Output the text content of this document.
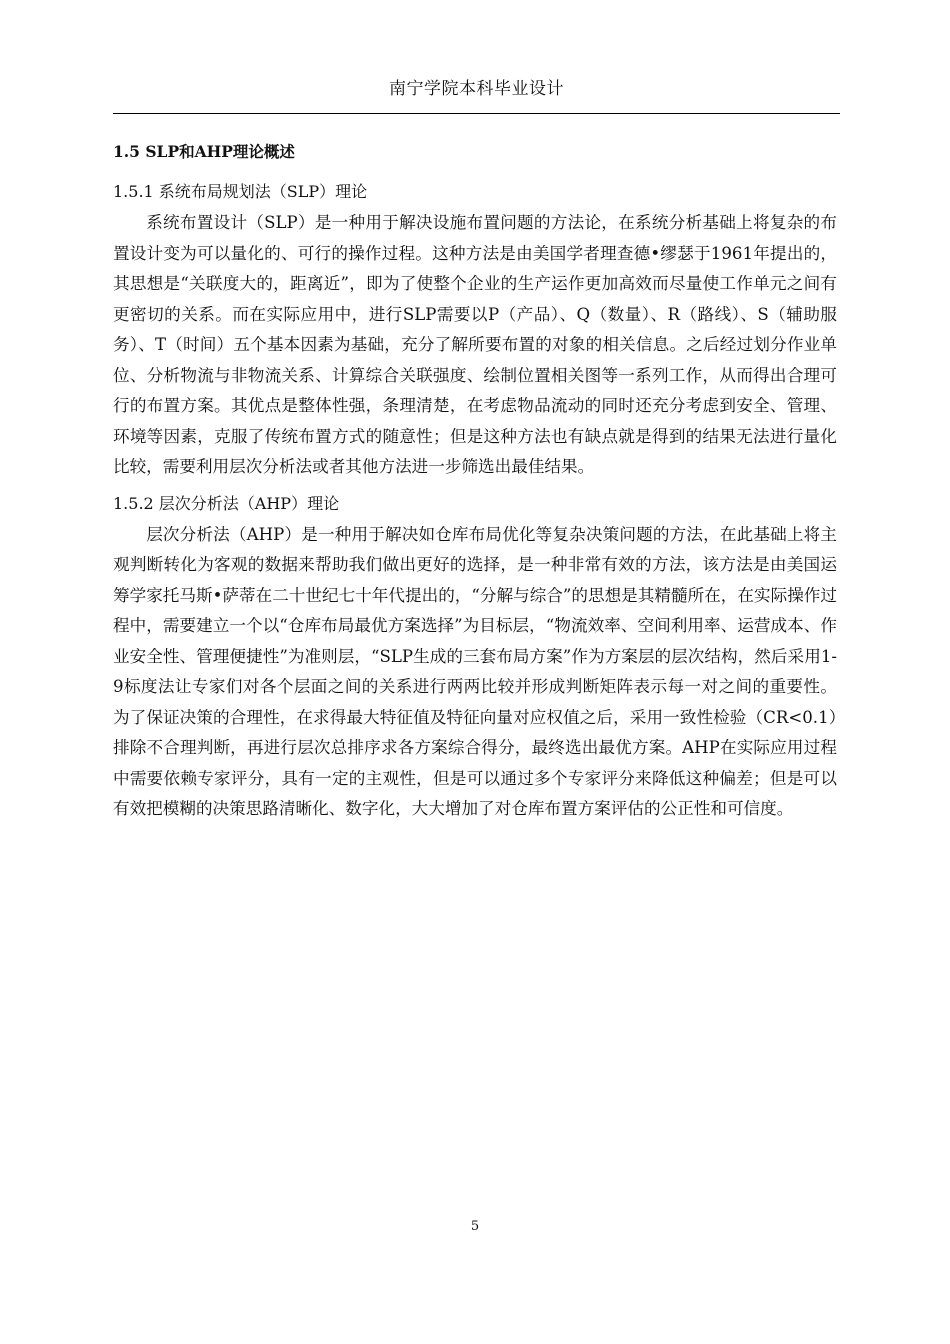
南宁学院本科毕业设计
1.5 SLP和AHP理论概述
1.5.1 系统布局规划法（SLP）理论

系统布置设计（SLP）是一种用于解决设施布置问题的方法论，在系统分析基础上将复杂的布置设计变为可以量化的、可行的操作过程。这种方法是由美国学者理查德•缪瑟于1961年提出的，其思想是“关联度大的，距离近”，即为了使整个企业的生产运作更加高效而尽量使工作单元之间有更密切的关系。而在实际应用中，进行SLP需要以P（产品）、Q（数量）、R（路线）、S（辅助服务）、T（时间）五个基本因素为基础，充分了解所要布置的对象的相关信息。之后经过划分作业单位、分析物流与非物流关系、计算综合关联强度、绘制位置相关图等一系列工作，从而得出合理可行的布置方案。其优点是整体性强，条理清楚，在考虑物品流动的同时还充分考虑到安全、管理、环境等因素，克服了传统布置方式的随意性；但是这种方法也有缺点就是得到的结果无法进行量化比较，需要利用层次分析法或者其他方法进一步筛选出最佳结果。

1.5.2 层次分析法（AHP）理论

层次分析法（AHP）是一种用于解决如仓库布局优化等复杂决策问题的方法，在此基础上将主观判断转化为客观的数据来帮助我们做出更好的选择，是一种非常有效的方法，该方法是由美国运筹学家托马斯•萨蒂在二十世纪七十年代提出的，“分解与综合”的思想是其精髓所在，在实际操作过程中，需要建立一个以“仓库布局最优方案选择”为目标层，“物流效率、空间利用率、运营成本、作业安全性、管理便捷性”为准则层，“SLP生成的三套布局方案”作为方案层的层次结构，然后采用1-9标度法让专家们对各个层面之间的关系进行两两比较并形成判断矩阵表示每一对之间的重要性。为了保证决策的合理性，在求得最大特征值及特征向量对应权值之后，采用一致性检验（CR<0.1）排除不合理判断，再进行层次总排序求各方案综合得分，最终选出最优方案。AHP在实际应用过程中需要依赖专家评分，具有一定的主观性，但是可以通过多个专家评分来降低这种偏差；但是可以有效把模糊的决策思路清晰化、数字化，大大增加了对仓库布置方案评估的公正性和可信度。

5
